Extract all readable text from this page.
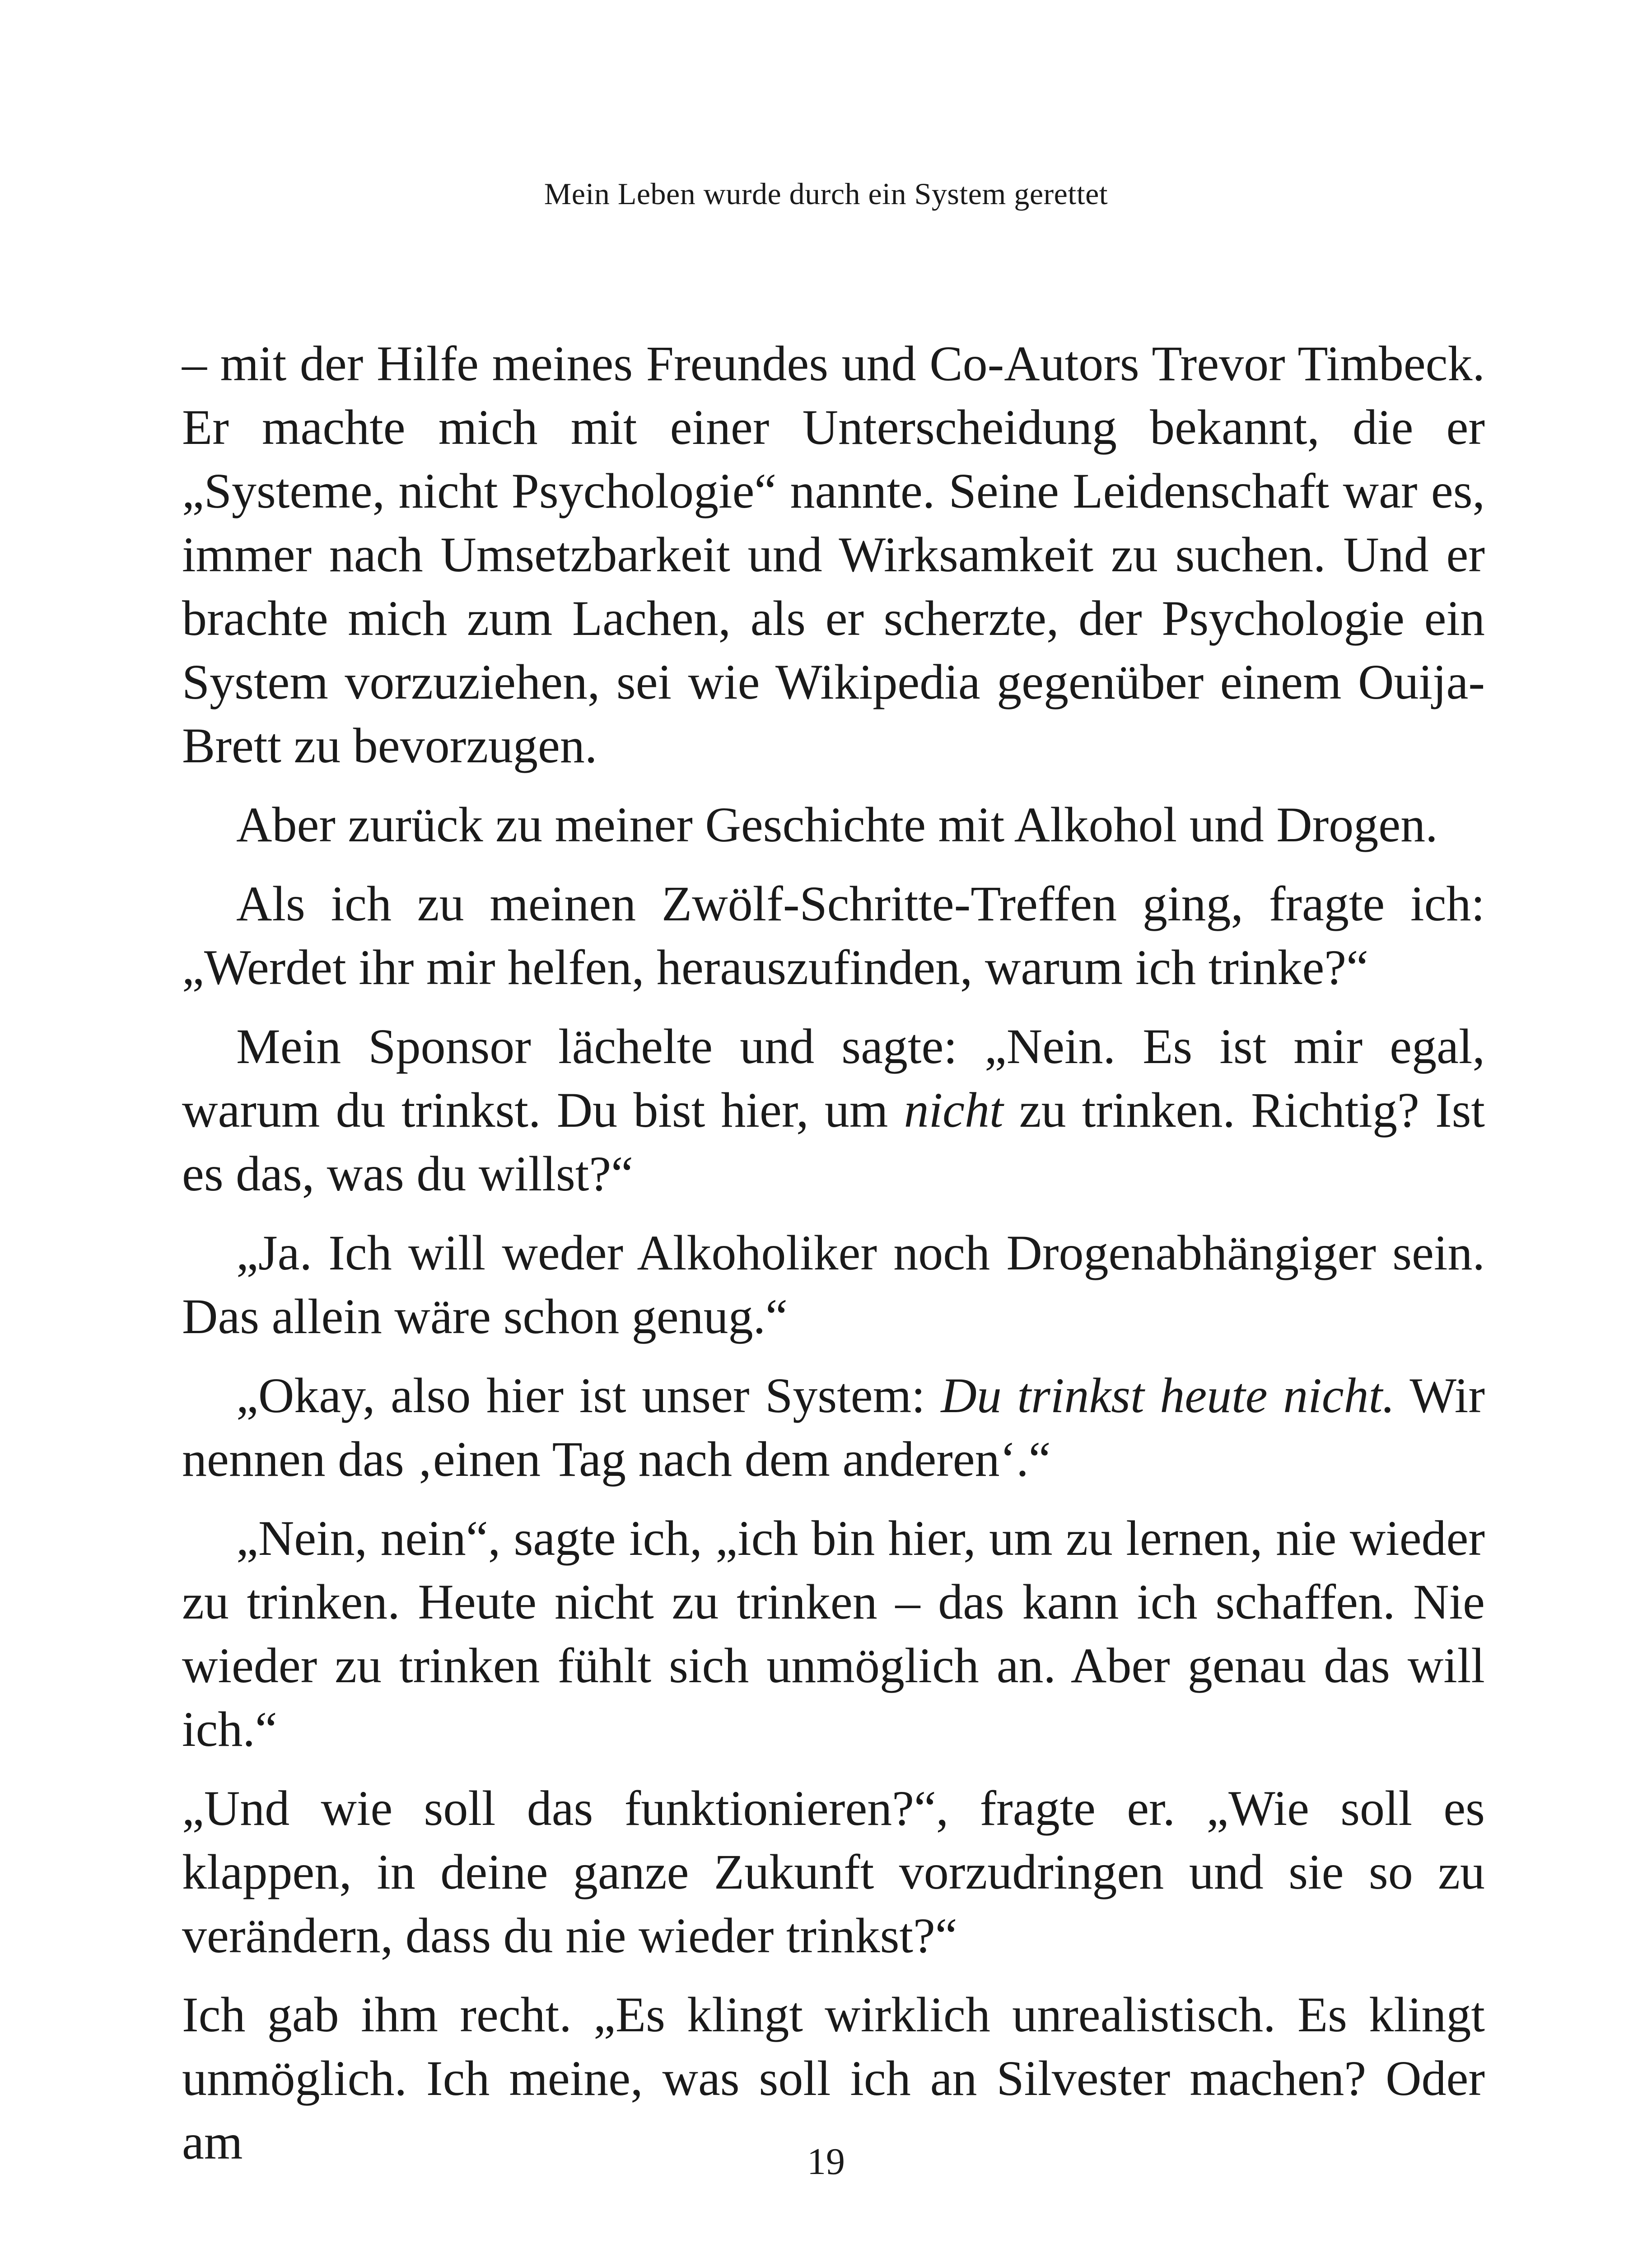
Mein Leben wurde durch ein System gerettet

– mit der Hilfe meines Freundes und Co-Autors Trevor Timbeck. Er machte mich mit einer Unterscheidung bekannt, die er „Systeme, nicht Psychologie“ nannte. Seine Leidenschaft war es, immer nach Umsetzbarkeit und Wirksamkeit zu suchen. Und er brachte mich zum Lachen, als er scherzte, der Psychologie ein System vorzuziehen, sei wie Wikipedia gegenüber einem Ouija-Brett zu bevorzugen.

Aber zurück zu meiner Geschichte mit Alkohol und Drogen.

Als ich zu meinen Zwölf-Schritte-Treffen ging, fragte ich: „Werdet ihr mir helfen, herauszufinden, warum ich trinke?“

Mein Sponsor lächelte und sagte: „Nein. Es ist mir egal, warum du trinkst. Du bist hier, um nicht zu trinken. Richtig? Ist es das, was du willst?“

„Ja. Ich will weder Alkoholiker noch Drogenabhängiger sein. Das allein wäre schon genug.“

„Okay, also hier ist unser System: Du trinkst heute nicht. Wir nennen das ‚einen Tag nach dem anderen‘.“

„Nein, nein“, sagte ich, „ich bin hier, um zu lernen, nie wieder zu trinken. Heute nicht zu trinken – das kann ich schaffen. Nie wieder zu trinken fühlt sich unmöglich an. Aber genau das will ich.“

„Und wie soll das funktionieren?“, fragte er. „Wie soll es klappen, in deine ganze Zukunft vorzudringen und sie so zu verändern, dass du nie wieder trinkst?“

Ich gab ihm recht. „Es klingt wirklich unrealistisch. Es klingt unmöglich. Ich meine, was soll ich an Silvester machen? Oder am	19
